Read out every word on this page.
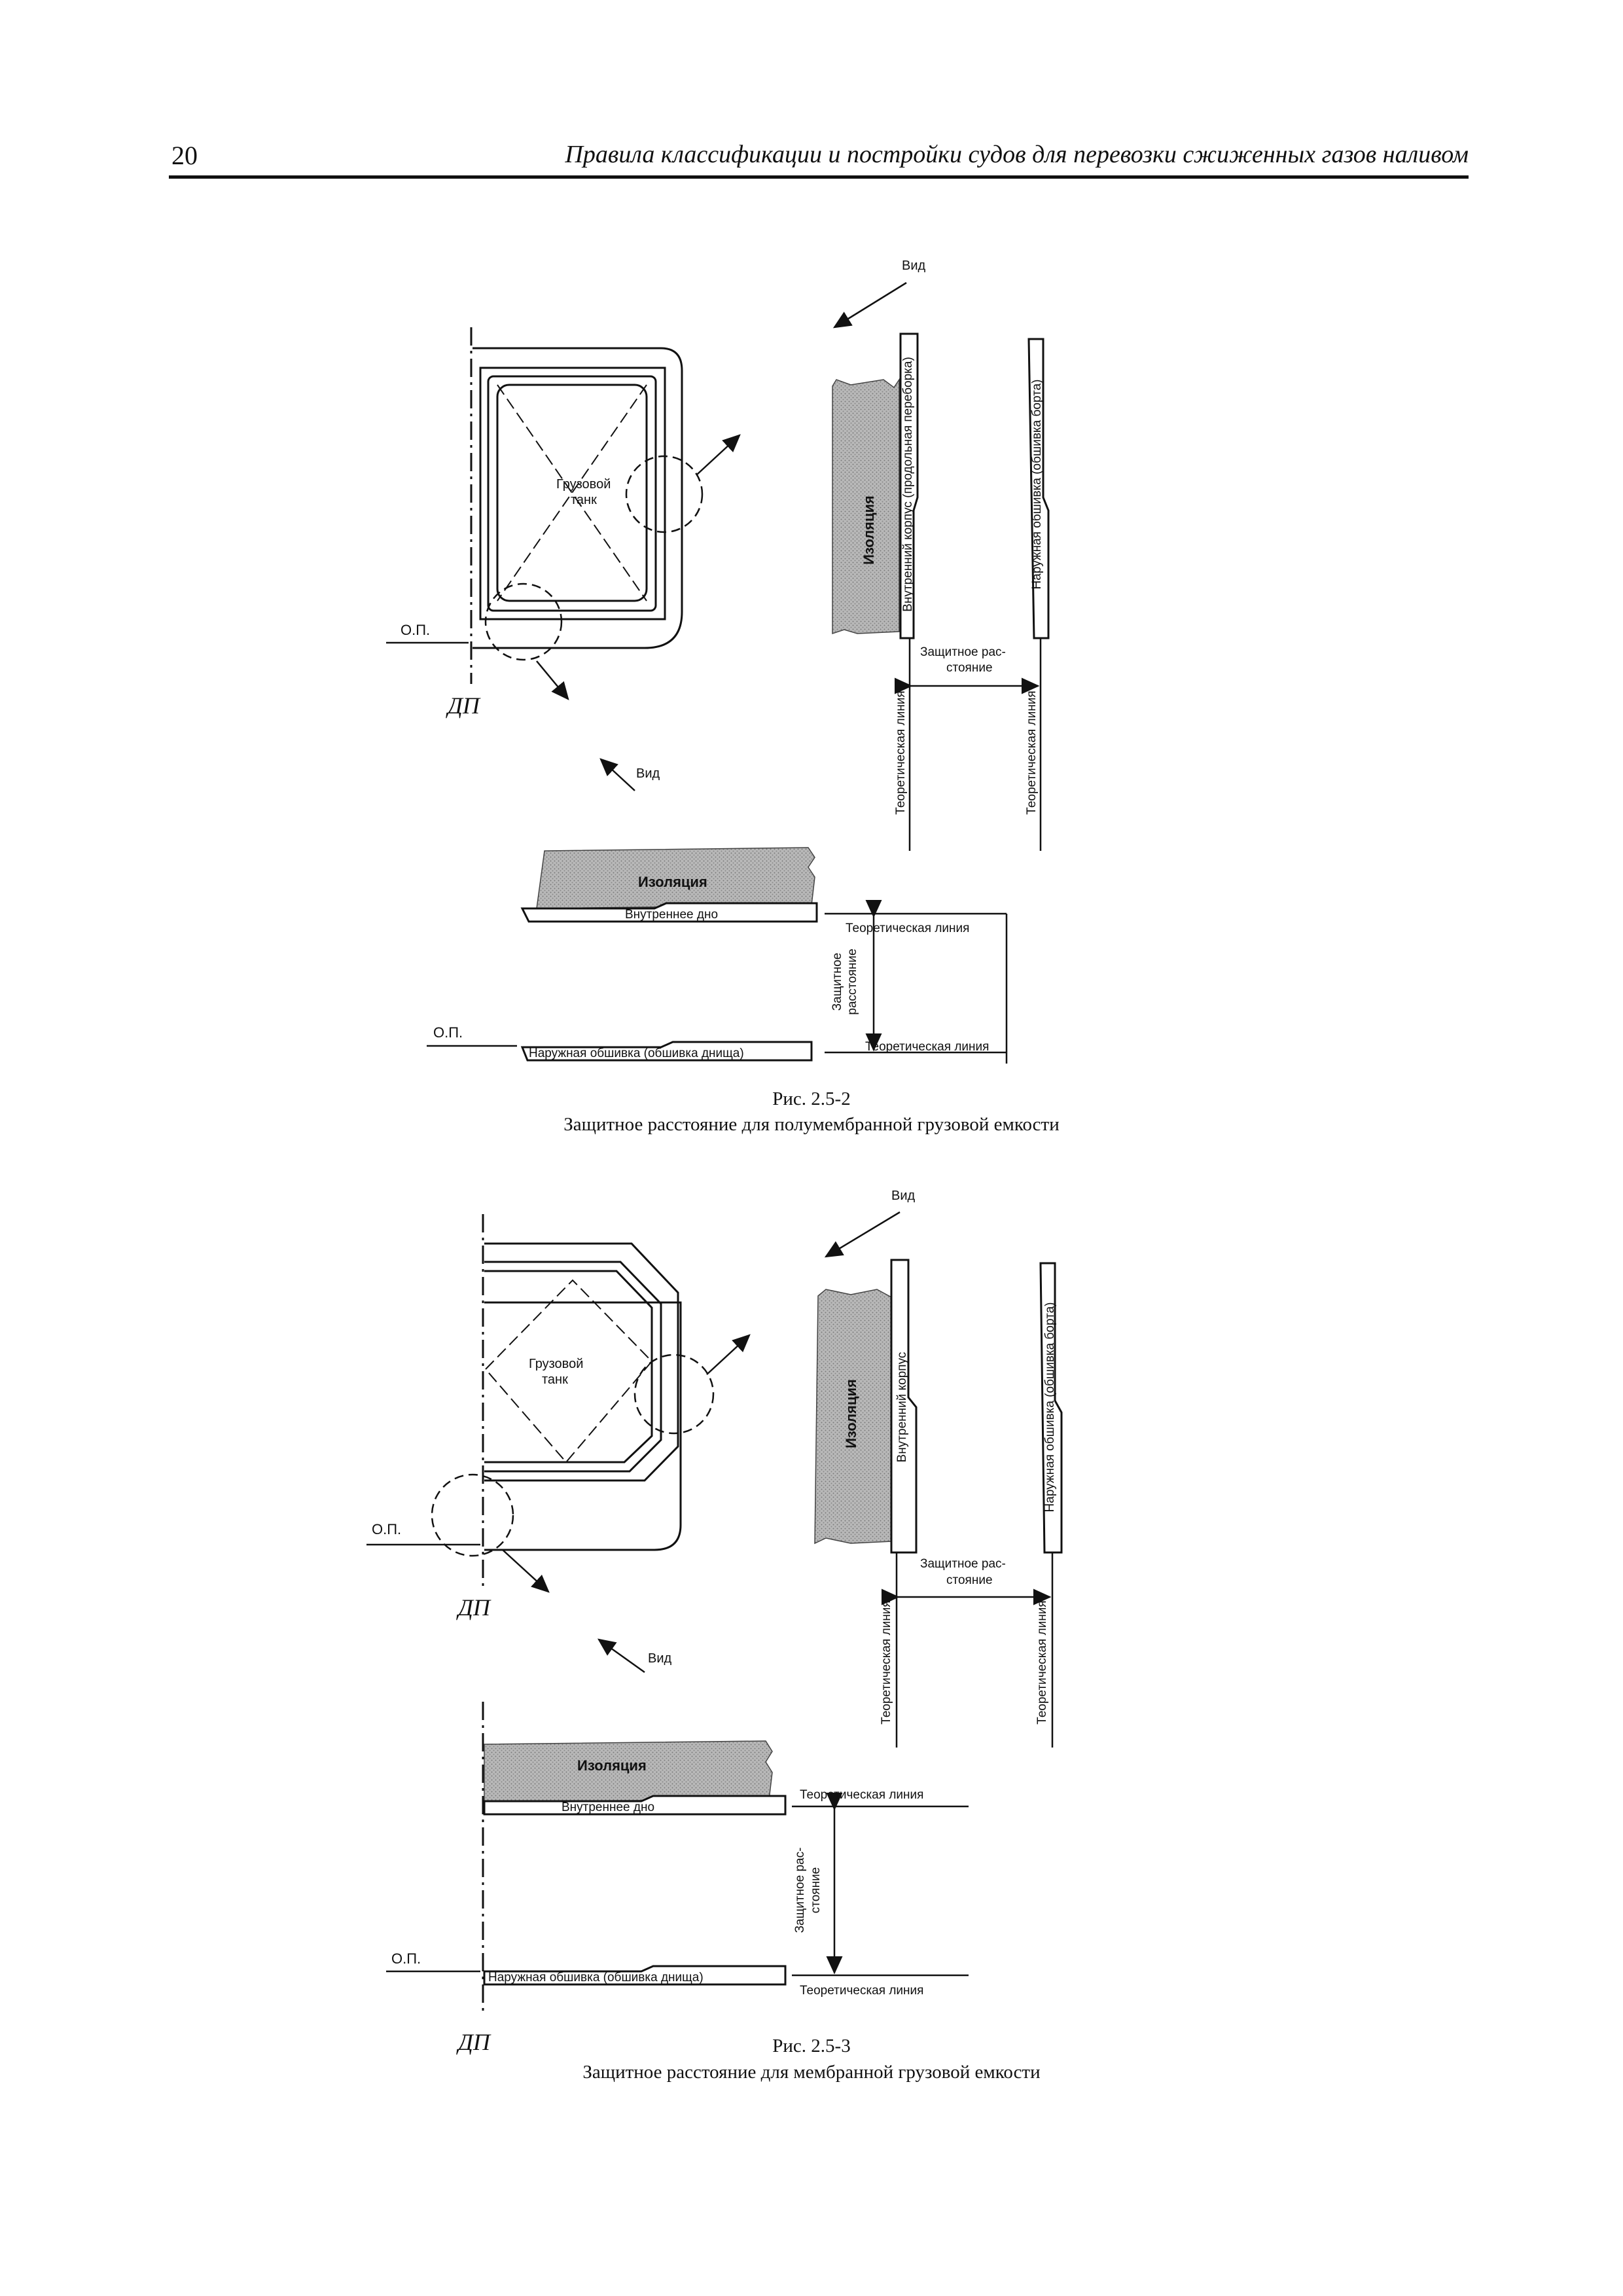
20	Правила классификации и постройки судов для перевозки сжиженных газов наливом
Грузовой
танк
О.П.
ДП
Вид
Изоляция Внутренний корпус (продольная переборка)	Наружная обшивка (обшивка борта)
Защитное рас-
стояние
Теоретическая линия	Теоретическая линия
Вид
Изоляция
Внутреннее дно
Наружная обшивка (обшивка днища)
О.П.
Теоретическая линия
Теоретическая линия
Защитное расстояние
Рис. 2.5-2
Защитное расстояние для полумембранной грузовой емкости
Грузовой
танк
О.П.
ДП
Вид
Изоляция	Внутренний корпус	Наружная обшивка (обшивка борта)
Защитное рас-
стояние
Теоретическая линия	Теоретическая линия
Вид
Изоляция
Внутреннее дно
Наружная обшивка (обшивка днища)
О.П.
Теоретическая линия
Теоретическая линия
Защитное рас- стояние
ДП	Рис. 2.5-3
Защитное расстояние для мембранной грузовой емкости
